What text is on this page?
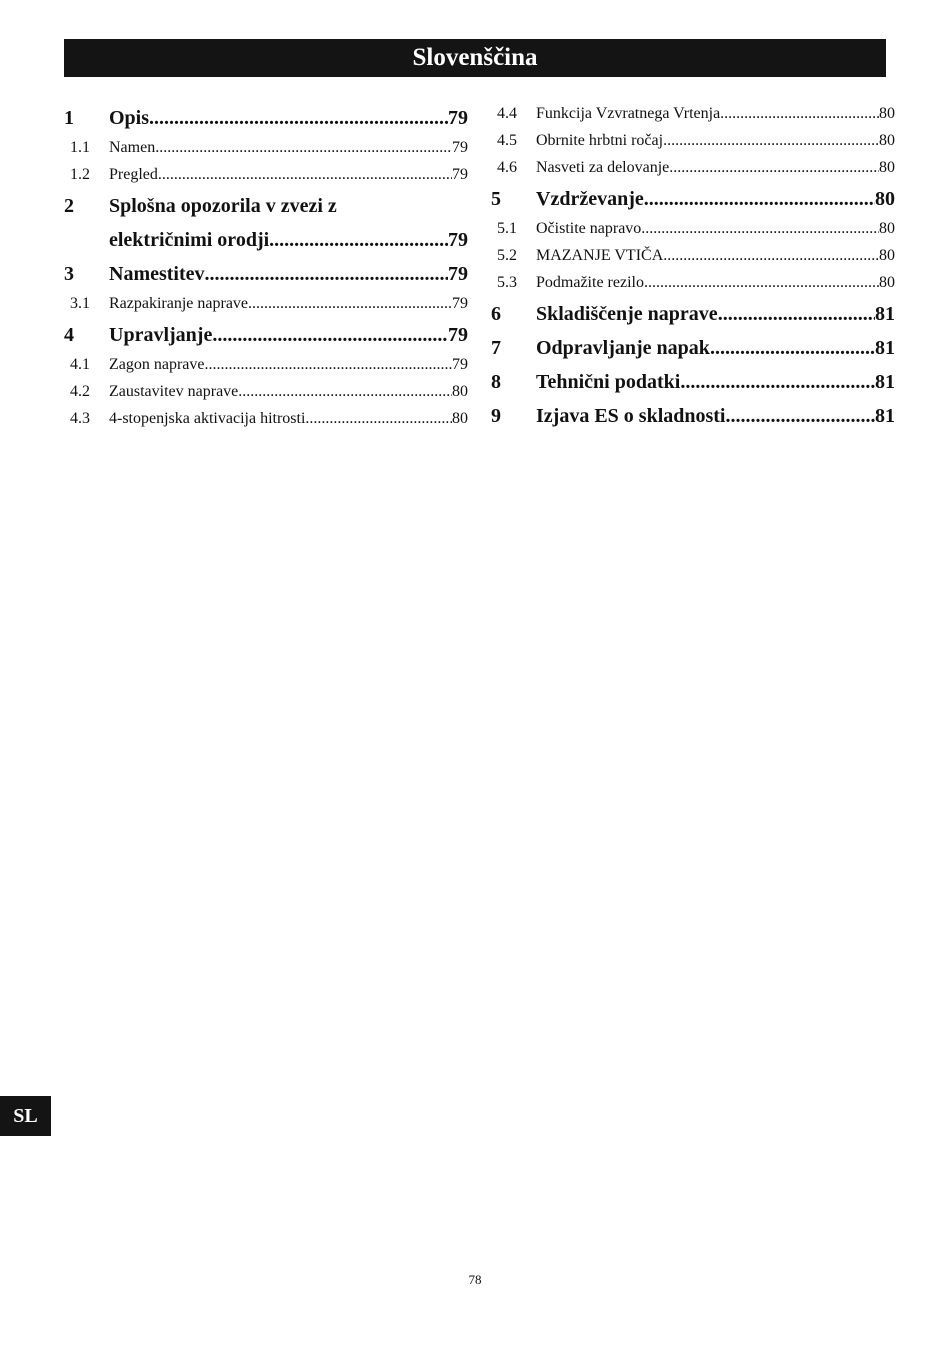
Slovenščina
1	Opis .....	79
1.1	Namen .....	79
1.2	Pregled .....	79
2	Splošna opozorila v zvezi z
električnimi orodji .....	79
3	Namestitev .....	79
3.1	Razpakiranje naprave .....	79
4	Upravljanje .....	79
4.1	Zagon naprave .....	79
4.2	Zaustavitev naprave .....	80
4.3	4-stopenjska aktivacija hitrosti .....	80
4.4	Funkcija Vzvratnega Vrtenja .....	80
4.5	Obrnite hrbtni ročaj .....	80
4.6	Nasveti za delovanje .....	80
5	Vzdrževanje .....	80
5.1	Očistite napravo .....	80
5.2	MAZANJE VTIČA .....	80
5.3	Podmažite rezilo .....	80
6	Skladiščenje naprave .....	81
7	Odpravljanje napak .....	81
8	Tehnični podatki .....	81
9	Izjava ES o skladnosti .....	81
SL
78
